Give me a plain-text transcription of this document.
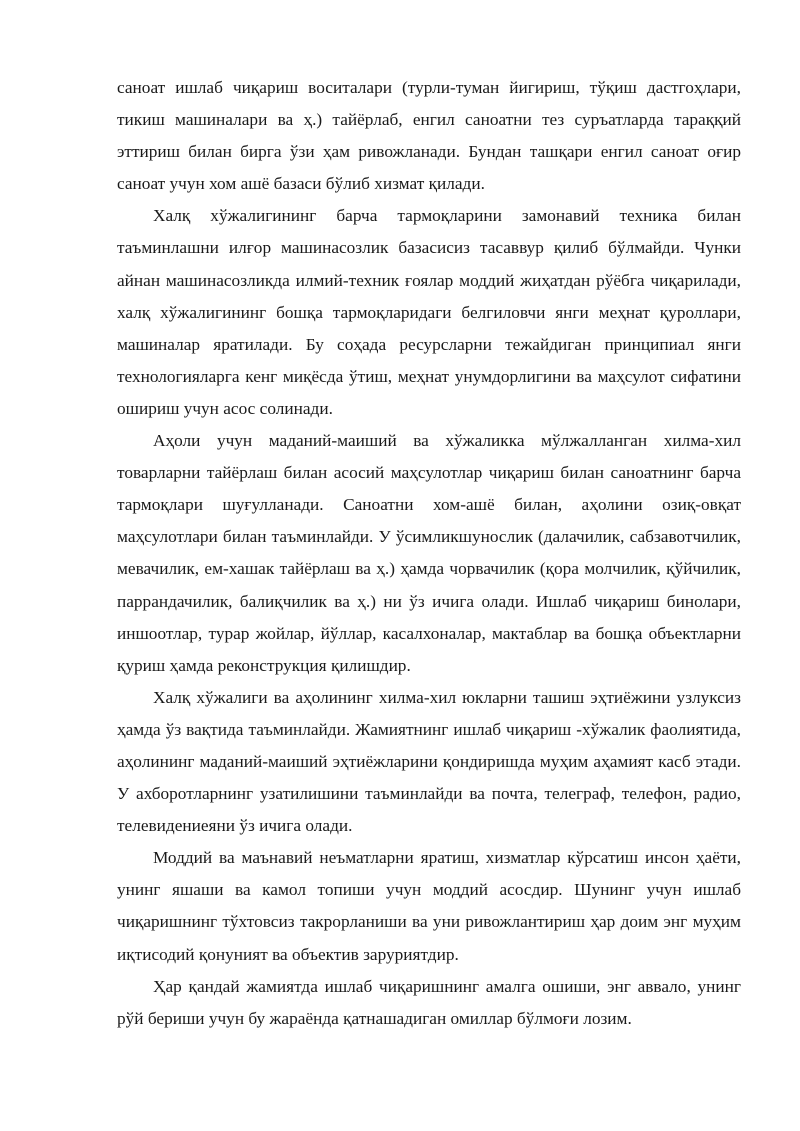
саноат ишлаб чиқариш воситалари (турли-туман йигириш, тўқиш дастгоҳлари, тикиш машиналари ва ҳ.) тайёрлаб, енгил саноатни тез суръатларда тараққий эттириш билан бирга ўзи ҳам ривожланади. Бундан ташқари енгил саноат оғир саноат учун хом ашё базаси бўлиб хизмат қилади.

Халқ хўжалигининг барча тармоқларини замонавий техника билан таъминлашни илғор машинасозлик базасисиз тасаввур қилиб бўлмайди. Чунки айнан машинасозликда илмий-техник ғоялар моддий жиҳатдан рўёбга чиқарилади, халқ хўжалигининг бошқа тармоқларидаги белгиловчи янги меҳнат қуроллари, машиналар яратилади. Бу соҳада ресурсларни тежайдиган принципиал янги технологияларга кенг миқёсда ўтиш, меҳнат унумдорлигини ва маҳсулот сифатини ошириш учун асос солинади.

Аҳоли учун маданий-маиший ва хўжаликка мўлжалланган хилма-хил товарларни тайёрлаш билан асосий маҳсулотлар чиқариш билан саноатнинг барча тармоқлари шуғулланади. Саноатни хом-ашё билан, аҳолини озиқ-овқат маҳсулотлари билан таъминлайди. У ўсимликшунослик (далачилик, сабзавотчилик, мевачилик, ем-хашак тайёрлаш ва ҳ.) ҳамда чорвачилик (қора молчилик, қўйчилик, паррандачилик, балиқчилик ва ҳ.) ни ўз ичига олади. Ишлаб чиқариш бинолари, иншоотлар, турар жойлар, йўллар, касалхоналар, мактаблар ва бошқа объектларни қуриш ҳамда реконструкция қилишдир.

Халқ хўжалиги ва аҳолининг хилма-хил юкларни ташиш эҳтиёжини узлуксиз ҳамда ўз вақтида таъминлайди. Жамиятнинг ишлаб чиқариш -хўжалик фаолиятида, аҳолининг маданий-маиший эҳтиёжларини қондиришда муҳим аҳамият касб этади. У ахборотларнинг узатилишини таъминлайди ва почта, телеграф, телефон, радио, телевидениеяни ўз ичига олади.

Моддий ва маънавий неъматларни яратиш, хизматлар кўрсатиш инсон ҳаёти, унинг яшаши ва камол топиши учун моддий асосдир. Шунинг учун ишлаб чиқаришнинг тўхтовсиз такрорланиши ва уни ривожлантириш ҳар доим энг муҳим иқтисодий қонуният ва объектив заруриятдир.

Ҳар қандай жамиятда ишлаб чиқаришнинг амалга ошиши, энг аввало, унинг рўй бериши учун бу жараёнда қатнашадиган омиллар бўлмоғи лозим.
